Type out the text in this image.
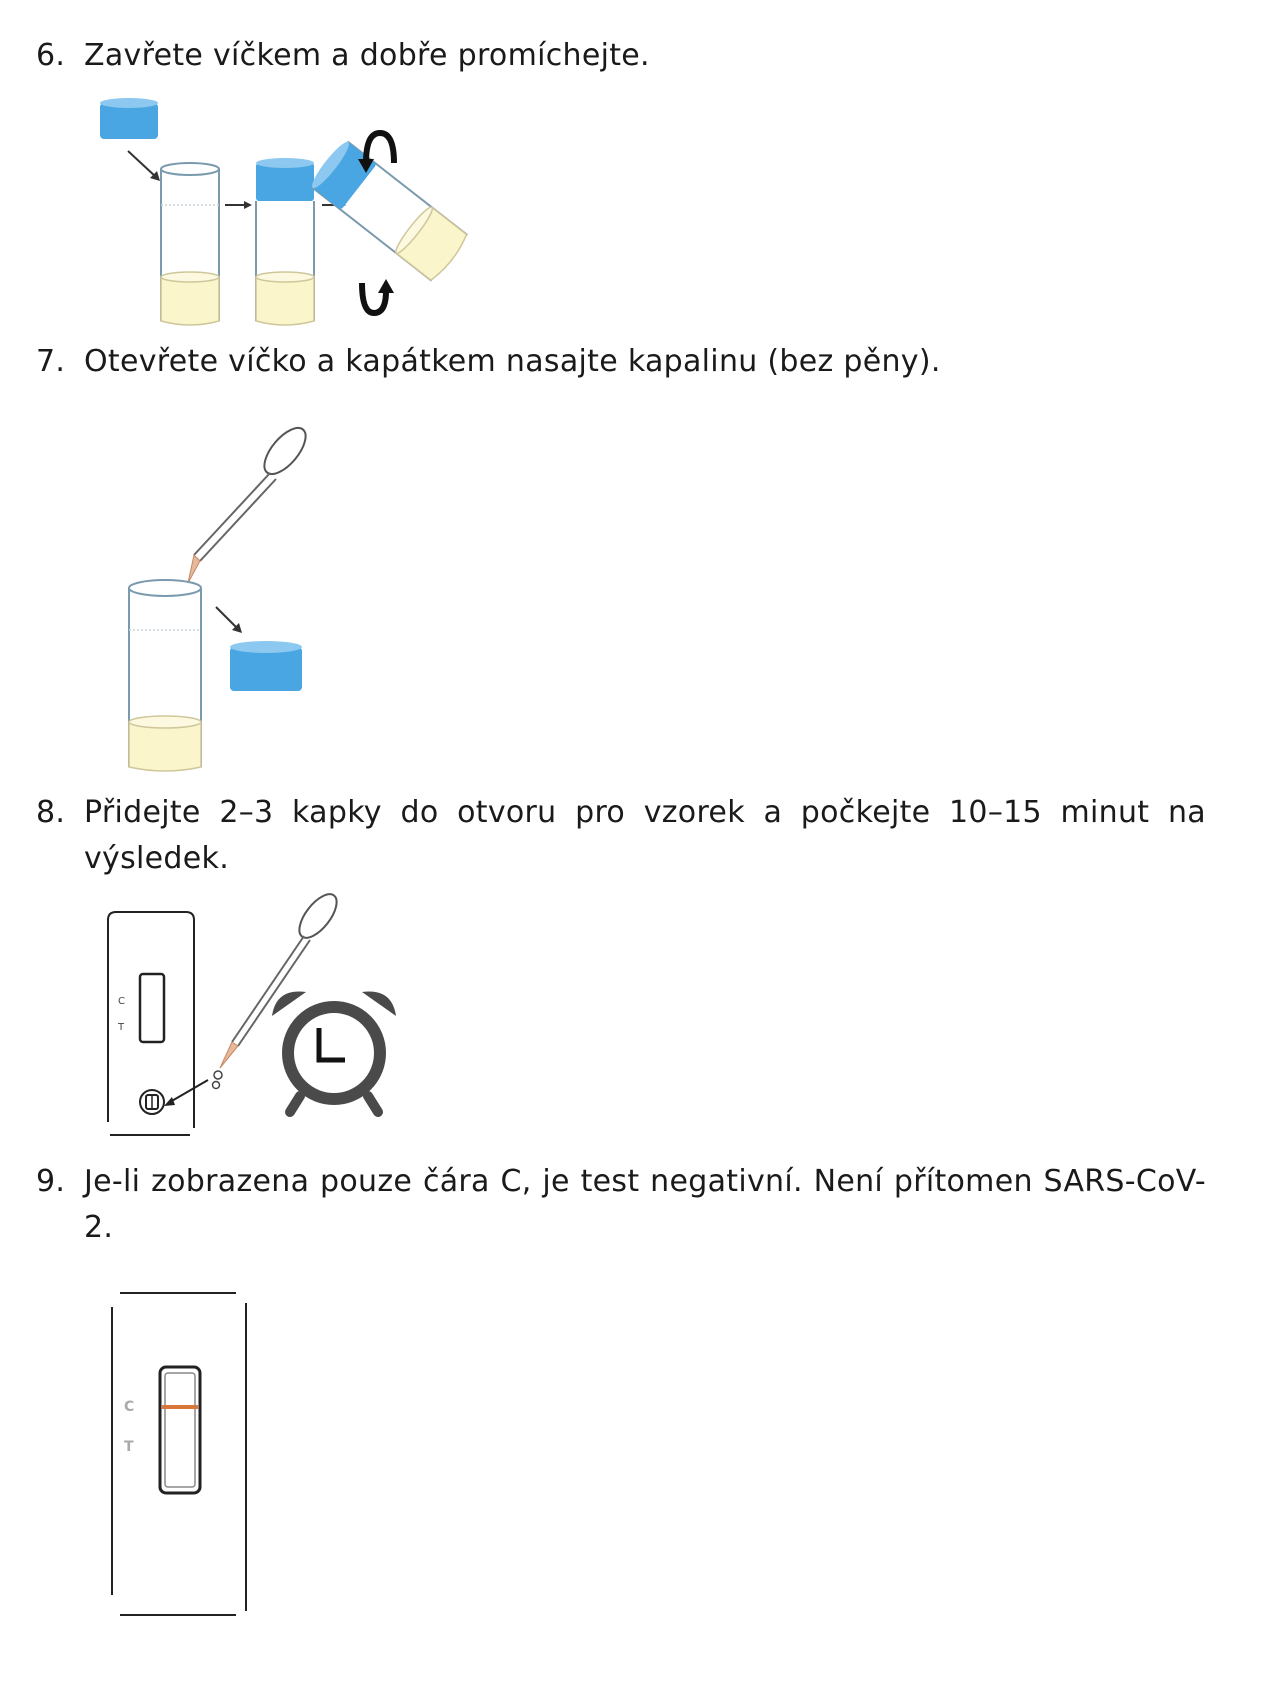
6. Zavřete víčkem a dobře promíchejte.
7. Otevřete víčko a kapátkem nasajte kapalinu (bez pěny).
8. Přidejte 2–3 kapky do otvoru pro vzorek a počkejte 10–15 minut na výsledek.
C
T
9. Je-li zobrazena pouze čára C, je test negativní. Není přítomen SARS-CoV-2.
C
T
